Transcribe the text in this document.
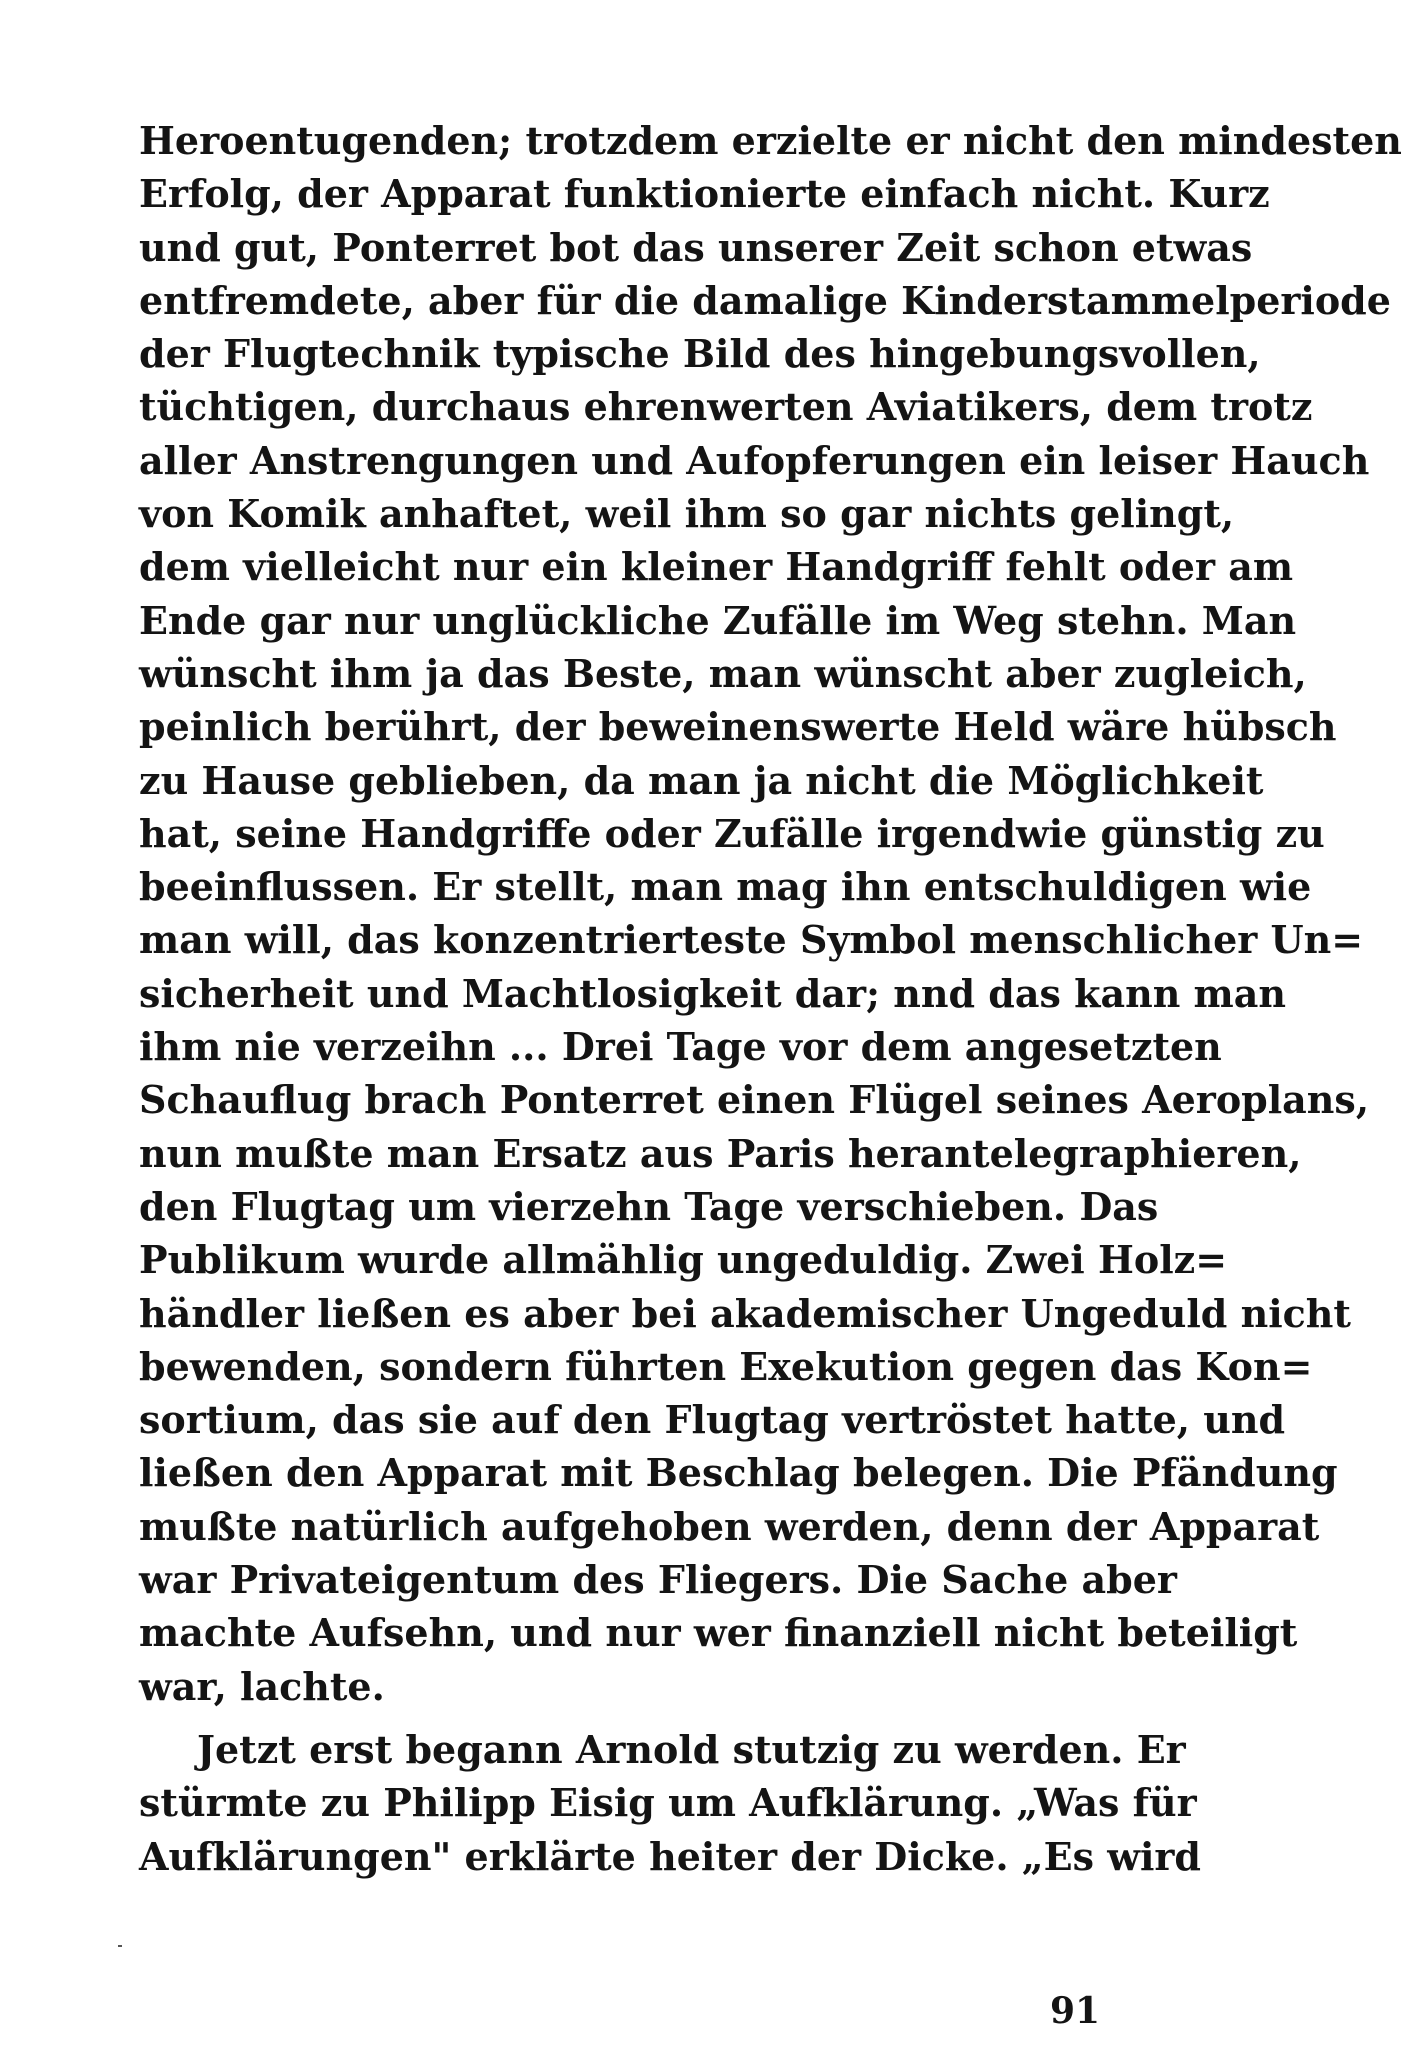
Heroentugenden; trotzdem erzielte er nicht den mindesten
Erfolg, der Apparat funktionierte einfach nicht. Kurz
und gut, Ponterret bot das unserer Zeit schon etwas
entfremdete, aber für die damalige Kinderstammelperiode
der Flugtechnik typische Bild des hingebungsvollen,
tüchtigen, durchaus ehrenwerten Aviatikers, dem trotz
aller Anstrengungen und Aufopferungen ein leiser Hauch
von Komik anhaftet, weil ihm so gar nichts gelingt,
dem vielleicht nur ein kleiner Handgriff fehlt oder am
Ende gar nur unglückliche Zufälle im Weg stehn. Man
wünscht ihm ja das Beste, man wünscht aber zugleich,
peinlich berührt, der beweinenswerte Held wäre hübsch
zu Hause geblieben, da man ja nicht die Möglichkeit
hat, seine Handgriffe oder Zufälle irgendwie günstig zu
beeinflussen. Er stellt, man mag ihn entschuldigen wie
man will, das konzentrierteste Symbol menschlicher Un=
sicherheit und Machtlosigkeit dar; nnd das kann man
ihm nie verzeihn ... Drei Tage vor dem angesetzten
Schauflug brach Ponterret einen Flügel seines Aeroplans,
nun mußte man Ersatz aus Paris herantelegraphieren,
den Flugtag um vierzehn Tage verschieben. Das
Publikum wurde allmählig ungeduldig. Zwei Holz=
händler ließen es aber bei akademischer Ungeduld nicht
bewenden, sondern führten Exekution gegen das Kon=
sortium, das sie auf den Flugtag vertröstet hatte, und
ließen den Apparat mit Beschlag belegen. Die Pfändung
mußte natürlich aufgehoben werden, denn der Apparat
war Privateigentum des Fliegers. Die Sache aber
machte Aufsehn, und nur wer finanziell nicht beteiligt
war, lachte.
Jetzt erst begann Arnold stutzig zu werden. Er
stürmte zu Philipp Eisig um Aufklärung. „Was für
Aufklärungen" erklärte heiter der Dicke. „Es wird
91
